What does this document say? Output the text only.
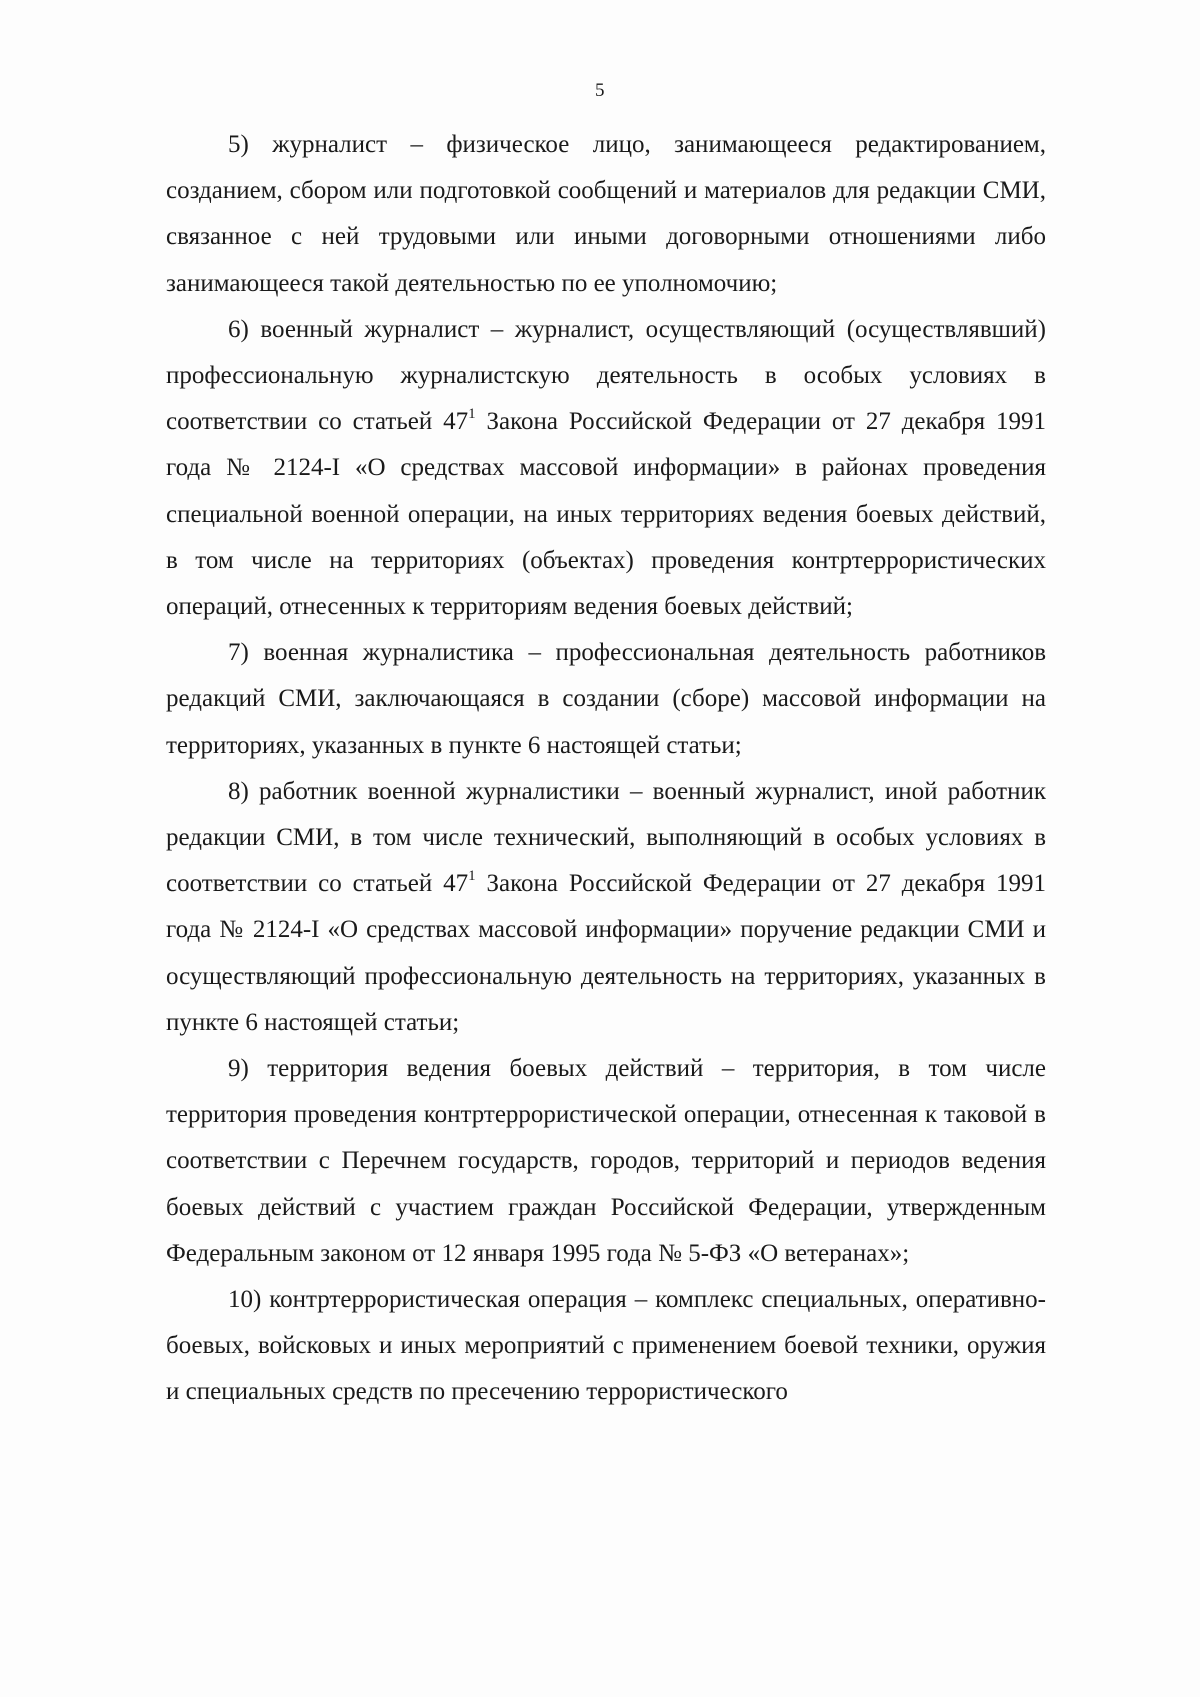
5

5) журналист – физическое лицо, занимающееся редактированием, созданием, сбором или подготовкой сообщений и материалов для редакции СМИ, связанное с ней трудовыми или иными договорными отношениями либо занимающееся такой деятельностью по ее уполномочию;

6) военный журналист – журналист, осуществляющий (осуществлявший) профессиональную журналистскую деятельность в особых условиях в соответствии со статьей $47^1$ Закона Российской Федерации от 27 декабря 1991 года № 2124-I «О средствах массовой информации» в районах проведения специальной военной операции, на иных территориях ведения боевых действий, в том числе на территориях (объектах) проведения контртеррористических операций, отнесенных к территориям ведения боевых действий;

7) военная журналистика – профессиональная деятельность работников редакций СМИ, заключающаяся в создании (сборе) массовой информации на территориях, указанных в пункте 6 настоящей статьи;

8) работник военной журналистики – военный журналист, иной работник редакции СМИ, в том числе технический, выполняющий в особых условиях в соответствии со статьей $47^1$ Закона Российской Федерации от 27 декабря 1991 года № 2124-I «О средствах массовой информации» поручение редакции СМИ и осуществляющий профессиональную деятельность на территориях, указанных в пункте 6 настоящей статьи;

9) территория ведения боевых действий – территория, в том числе территория проведения контртеррористической операции, отнесенная к таковой в соответствии с Перечнем государств, городов, территорий и периодов ведения боевых действий с участием граждан Российской Федерации, утвержденным Федеральным законом от 12 января 1995 года № 5-ФЗ «О ветеранах»;

10) контртеррористическая операция – комплекс специальных, оперативно-боевых, войсковых и иных мероприятий с применением боевой техники, оружия и специальных средств по пресечению террористического
